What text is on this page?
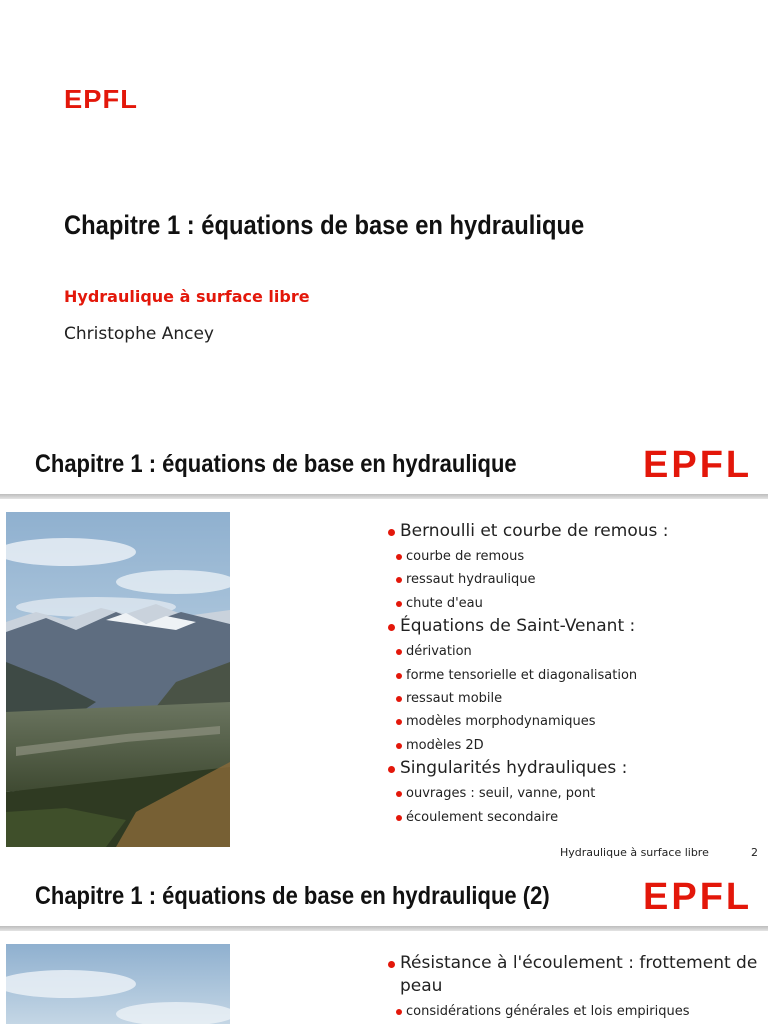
EPFL
Chapitre 1 : équations de base en hydraulique
Hydraulique à surface libre
Christophe Ancey
Chapitre 1 : équations de base en hydraulique	EPFL
Bernoulli et courbe de remous :
courbe de remous
ressaut hydraulique
chute d'eau
Équations de Saint-Venant :
dérivation
forme tensorielle et diagonalisation
ressaut mobile
modèles morphodynamiques
modèles 2D
Singularités hydrauliques :
ouvrages : seuil, vanne, pont
écoulement secondaire
Hydraulique à surface libre	2
Chapitre 1 : équations de base en hydraulique (2) EPFL
Résistance à l'écoulement : frottement de peau
considérations générales et lois empiriques
